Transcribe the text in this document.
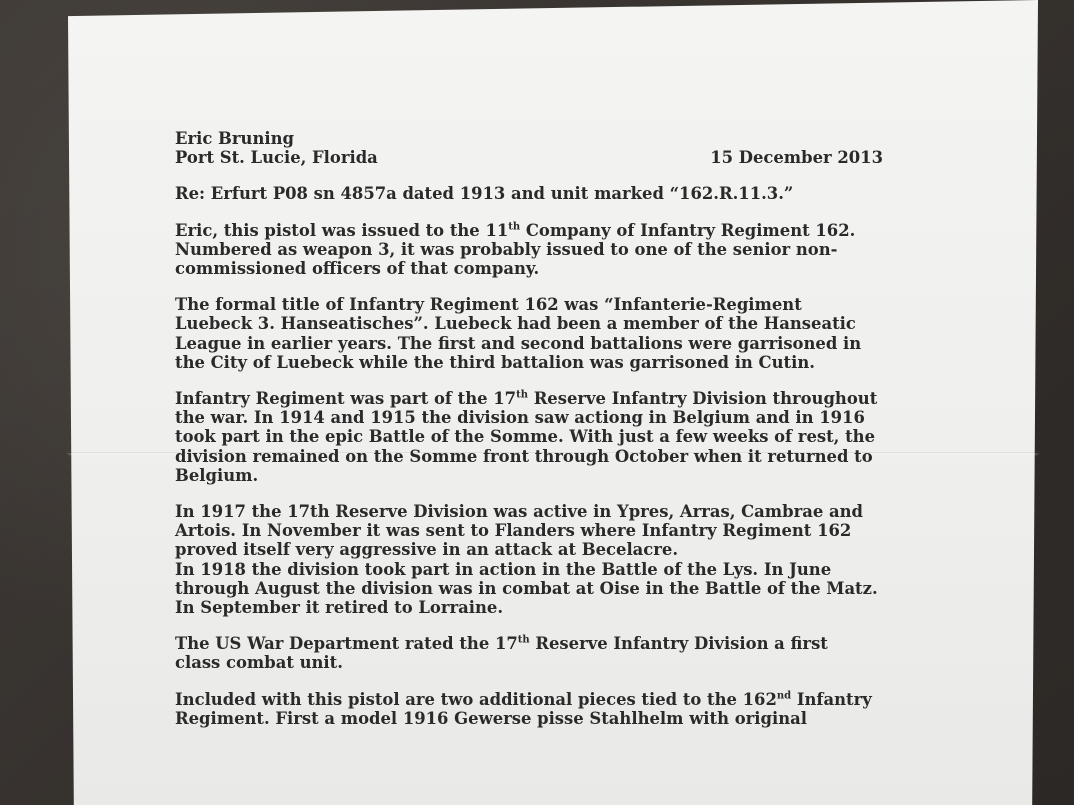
Eric Bruning
Port St. Lucie, Florida	15 December 2013

Re: Erfurt P08 sn 4857a dated 1913 and unit marked “162.R.11.3.”

Eric, this pistol was issued to the 11th Company of Infantry Regiment 162.
Numbered as weapon 3, it was probably issued to one of the senior non-
commissioned officers of that company.

The formal title of Infantry Regiment 162 was “Infanterie-Regiment
Luebeck 3. Hanseatisches”. Luebeck had been a member of the Hanseatic
League in earlier years. The first and second battalions were garrisoned in
the City of Luebeck while the third battalion was garrisoned in Cutin.

Infantry Regiment was part of the 17th Reserve Infantry Division throughout
the war. In 1914 and 1915 the division saw actiong in Belgium and in 1916
took part in the epic Battle of the Somme. With just a few weeks of rest, the
division remained on the Somme front through October when it returned to
Belgium.

In 1917 the 17th Reserve Division was active in Ypres, Arras, Cambrae and
Artois. In November it was sent to Flanders where Infantry Regiment 162
proved itself very aggressive in an attack at Becelacre.
In 1918 the division took part in action in the Battle of the Lys. In June
through August the division was in combat at Oise in the Battle of the Matz.
In September it retired to Lorraine.

The US War Department rated the 17th Reserve Infantry Division a first
class combat unit.

Included with this pistol are two additional pieces tied to the 162nd Infantry
Regiment. First a model 1916 Gewerse pisse Stahlhelm with original
